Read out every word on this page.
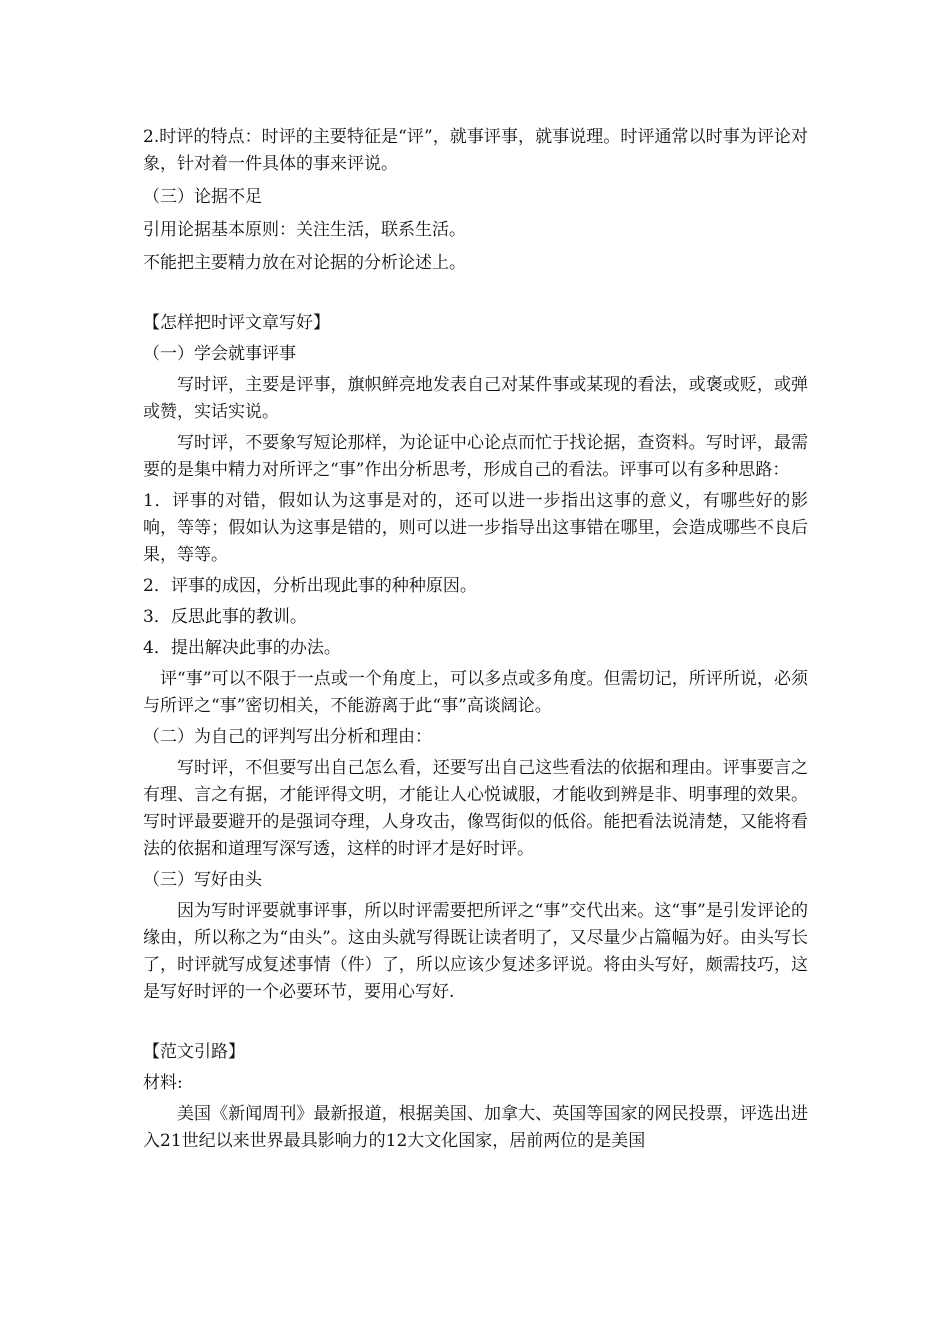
2.时评的特点：时评的主要特征是“评”，就事评事，就事说理。时评通常以时事为评论对象，针对着一件具体的事来评说。

（三）论据不足

引用论据基本原则：关注生活，联系生活。

不能把主要精力放在对论据的分析论述上。

【怎样把时评文章写好】

（一）学会就事评事

写时评，主要是评事，旗帜鲜亮地发表自己对某件事或某现的看法，或褒或贬，或弹或赞，实话实说。

写时评，不要象写短论那样，为论证中心论点而忙于找论据，查资料。写时评，最需要的是集中精力对所评之“事”作出分析思考，形成自己的看法。评事可以有多种思路：

1．评事的对错，假如认为这事是对的，还可以进一步指出这事的意义，有哪些好的影响，等等；假如认为这事是错的，则可以进一步指导出这事错在哪里，会造成哪些不良后果，等等。

2．评事的成因，分析出现此事的种种原因。

3．反思此事的教训。

4．提出解决此事的办法。

评“事”可以不限于一点或一个角度上，可以多点或多角度。但需切记，所评所说，必须与所评之“事”密切相关，不能游离于此“事”高谈阔论。

（二）为自己的评判写出分析和理由：

写时评，不但要写出自己怎么看，还要写出自己这些看法的依据和理由。评事要言之有理、言之有据，才能评得文明，才能让人心悦诚服，才能收到辨是非、明事理的效果。写时评最要避开的是强词夺理，人身攻击，像骂街似的低俗。能把看法说清楚，又能将看法的依据和道理写深写透，这样的时评才是好时评。

（三）写好由头

因为写时评要就事评事，所以时评需要把所评之“事”交代出来。这“事”是引发评论的缘由，所以称之为“由头”。这由头就写得既让读者明了，又尽量少占篇幅为好。由头写长了，时评就写成复述事情（件）了，所以应该少复述多评说。将由头写好，颇需技巧，这是写好时评的一个必要环节，要用心写好.

【范文引路】

材料:

美国《新闻周刊》最新报道，根据美国、加拿大、英国等国家的网民投票，评选出进入21世纪以来世界最具影响力的12大文化国家，居前两位的是美国
